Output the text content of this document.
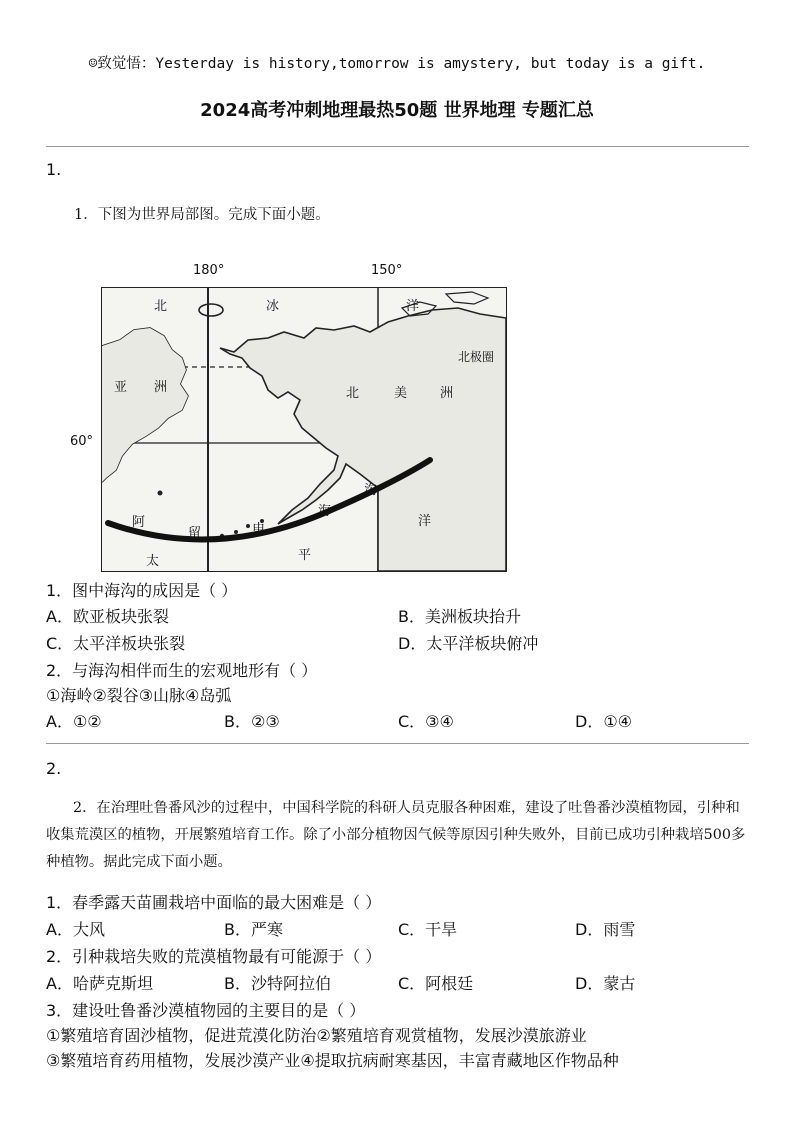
☺致觉悟：Yesterday is history,tomorrow is amystery, but today is a gift.
2024高考冲刺地理最热50题 世界地理 专题汇总
1.
1．下图为世界局部图。完成下面小题。
180°	150°
60°
北	冰	洋
北极圈
亚 洲	北	美	洲
沟
海
洋
阿
留	申
太	平
1．图中海沟的成因是（ ）
A．欧亚板块张裂	B．美洲板块抬升
C．太平洋板块张裂	D．太平洋板块俯冲
2．与海沟相伴而生的宏观地形有（ ）
①海岭②裂谷③山脉④岛弧
A．①②	B．②③	C．③④	D．①④
2.
2．在治理吐鲁番风沙的过程中，中国科学院的科研人员克服各种困难，建设了吐鲁番沙漠植物园，引种和收集荒漠区的植物，开展繁殖培育工作。除了小部分植物因气候等原因引种失败外，目前已成功引种栽培500多种植物。据此完成下面小题。
1．春季露天苗圃栽培中面临的最大困难是（ ）
A．大风	B．严寒	C．干旱	D．雨雪
2．引种栽培失败的荒漠植物最有可能源于（ ）
A．哈萨克斯坦	B．沙特阿拉伯	C．阿根廷	D．蒙古
3．建设吐鲁番沙漠植物园的主要目的是（ ）
①繁殖培育固沙植物，促进荒漠化防治②繁殖培育观赏植物，发展沙漠旅游业
③繁殖培育药用植物，发展沙漠产业④提取抗病耐寒基因，丰富青藏地区作物品种
